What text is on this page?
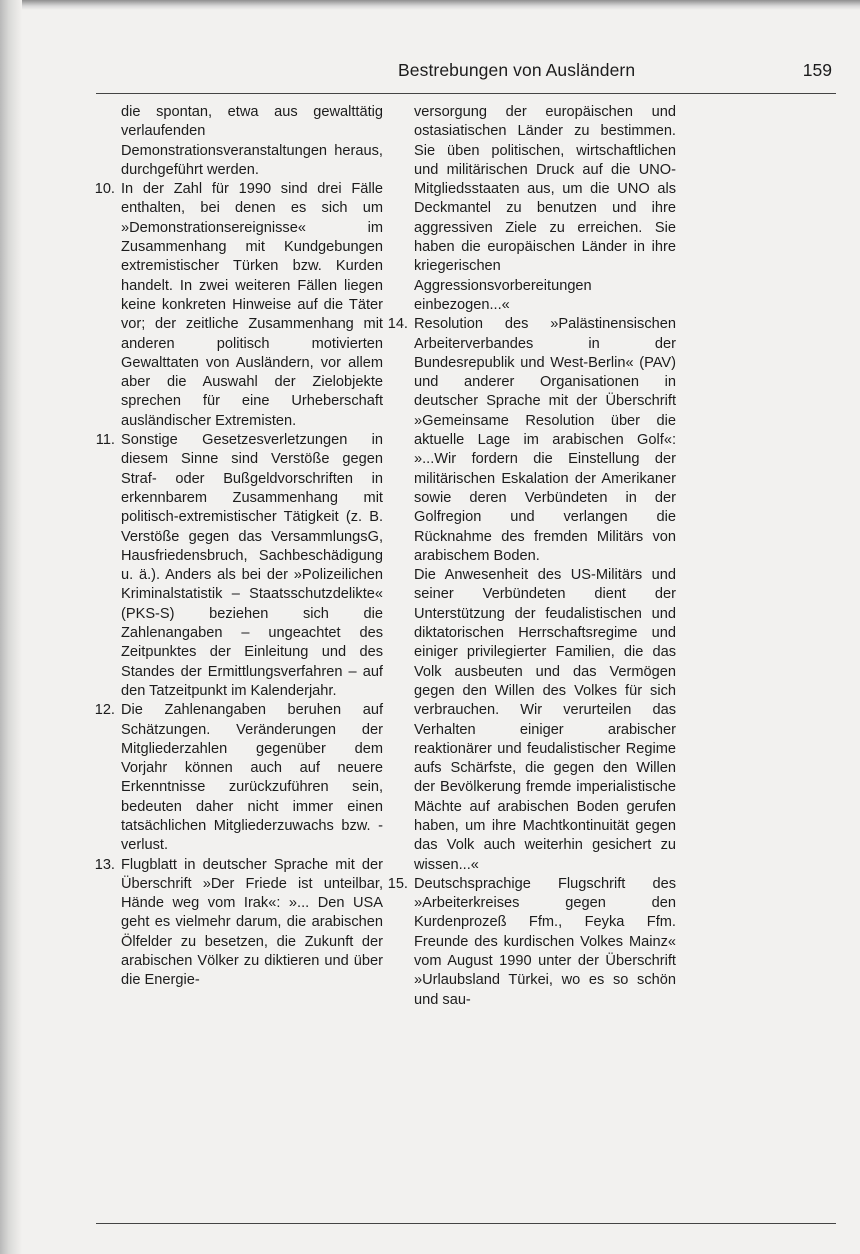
Bestrebungen von Ausländern	159

die spontan, etwa aus gewalttätig verlaufenden Demonstrationsveranstaltungen heraus, durchgeführt werden.

10. In der Zahl für 1990 sind drei Fälle enthalten, bei denen es sich um »Demonstrationsereignisse« im Zusammenhang mit Kundgebungen extremistischer Türken bzw. Kurden handelt. In zwei weiteren Fällen liegen keine konkreten Hinweise auf die Täter vor; der zeitliche Zusammenhang mit anderen politisch motivierten Gewalttaten von Ausländern, vor allem aber die Auswahl der Zielobjekte sprechen für eine Urheberschaft ausländischer Extremisten.

11. Sonstige Gesetzesverletzungen in diesem Sinne sind Verstöße gegen Straf- oder Bußgeldvorschriften in erkennbarem Zusammenhang mit politisch-extremistischer Tätigkeit (z. B. Verstöße gegen das VersammlungsG, Hausfriedensbruch, Sachbeschädigung u. ä.). Anders als bei der »Polizeilichen Kriminalstatistik – Staatsschutzdelikte« (PKS-S) beziehen sich die Zahlenangaben – ungeachtet des Zeitpunktes der Einleitung und des Standes der Ermittlungsverfahren – auf den Tatzeitpunkt im Kalenderjahr.

12. Die Zahlenangaben beruhen auf Schätzungen. Veränderungen der Mitgliederzahlen gegenüber dem Vorjahr können auch auf neuere Erkenntnisse zurückzuführen sein, bedeuten daher nicht immer einen tatsächlichen Mitgliederzuwachs bzw. -verlust.

13. Flugblatt in deutscher Sprache mit der Überschrift »Der Friede ist unteilbar, Hände weg vom Irak«: »... Den USA geht es vielmehr darum, die arabischen Ölfelder zu besetzen, die Zukunft der arabischen Völker zu diktieren und über die Energie-

versorgung der europäischen und ostasiatischen Länder zu bestimmen. Sie üben politischen, wirtschaftlichen und militärischen Druck auf die UNO-Mitgliedsstaaten aus, um die UNO als Deckmantel zu benutzen und ihre aggressiven Ziele zu erreichen. Sie haben die europäischen Länder in ihre kriegerischen Aggressionsvorbereitungen einbezogen...«

14. Resolution des »Palästinensischen Arbeiterverbandes in der Bundesrepublik und West-Berlin« (PAV) und anderer Organisationen in deutscher Sprache mit der Überschrift »Gemeinsame Resolution über die aktuelle Lage im arabischen Golf«: »...Wir fordern die Einstellung der militärischen Eskalation der Amerikaner sowie deren Verbündeten in der Golfregion und verlangen die Rücknahme des fremden Militärs von arabischem Boden.

Die Anwesenheit des US-Militärs und seiner Verbündeten dient der Unterstützung der feudalistischen und diktatorischen Herrschaftsregime und einiger privilegierter Familien, die das Volk ausbeuten und das Vermögen gegen den Willen des Volkes für sich verbrauchen. Wir verurteilen das Verhalten einiger arabischer reaktionärer und feudalistischer Regime aufs Schärfste, die gegen den Willen der Bevölkerung fremde imperialistische Mächte auf arabischen Boden gerufen haben, um ihre Machtkontinuität gegen das Volk auch weiterhin gesichert zu wissen...«

15. Deutschsprachige Flugschrift des »Arbeiterkreises gegen den Kurdenprozeß Ffm., Feyka Ffm. Freunde des kurdischen Volkes Mainz« vom August 1990 unter der Überschrift »Urlaubsland Türkei, wo es so schön und sau-
